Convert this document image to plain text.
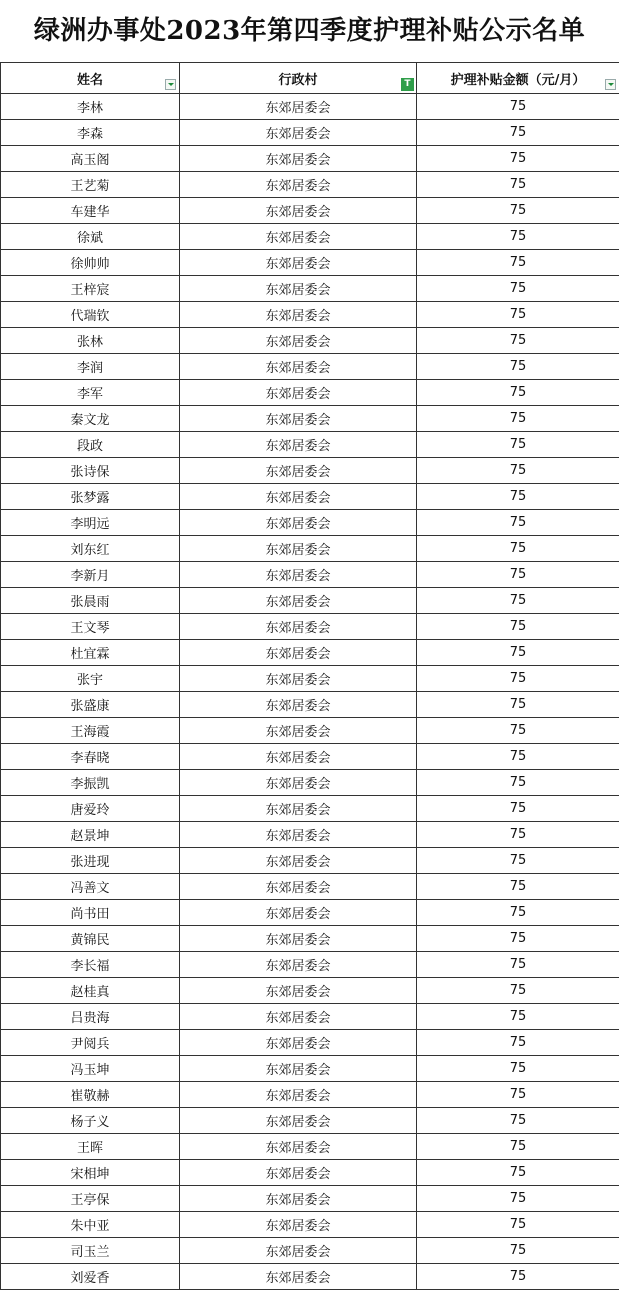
绿洲办事处2023年第四季度护理补贴公示名单
姓名	行政村 T	护理补贴金额（元/月）

李林	东郊居委会	75
李森	东郊居委会	75
高玉阁	东郊居委会	75
王艺菊	东郊居委会	75
车建华	东郊居委会	75
徐斌	东郊居委会	75
徐帅帅	东郊居委会	75
王梓宸	东郊居委会	75
代瑞钦	东郊居委会	75
张林	东郊居委会	75
李润	东郊居委会	75
李军	东郊居委会	75
秦文龙	东郊居委会	75
段政	东郊居委会	75
张诗保	东郊居委会	75
张梦露	东郊居委会	75
李明远	东郊居委会	75
刘东红	东郊居委会	75
李新月	东郊居委会	75
张晨雨	东郊居委会	75
王文琴	东郊居委会	75
杜宜霖	东郊居委会	75
张宇	东郊居委会	75
张盛康	东郊居委会	75
王海霞	东郊居委会	75
李春晓	东郊居委会	75
李振凯	东郊居委会	75
唐爱玲	东郊居委会	75
赵景坤	东郊居委会	75
张进现	东郊居委会	75
冯善文	东郊居委会	75
尚书田	东郊居委会	75
黄锦民	东郊居委会	75
李长福	东郊居委会	75
赵桂真	东郊居委会	75
吕贵海	东郊居委会	75
尹阅兵	东郊居委会	75
冯玉坤	东郊居委会	75
崔敬赫	东郊居委会	75
杨子义	东郊居委会	75
王晖	东郊居委会	75
宋相坤	东郊居委会	75
王亭保	东郊居委会	75
朱中亚	东郊居委会	75
司玉兰	东郊居委会	75
刘爱香	东郊居委会	75
